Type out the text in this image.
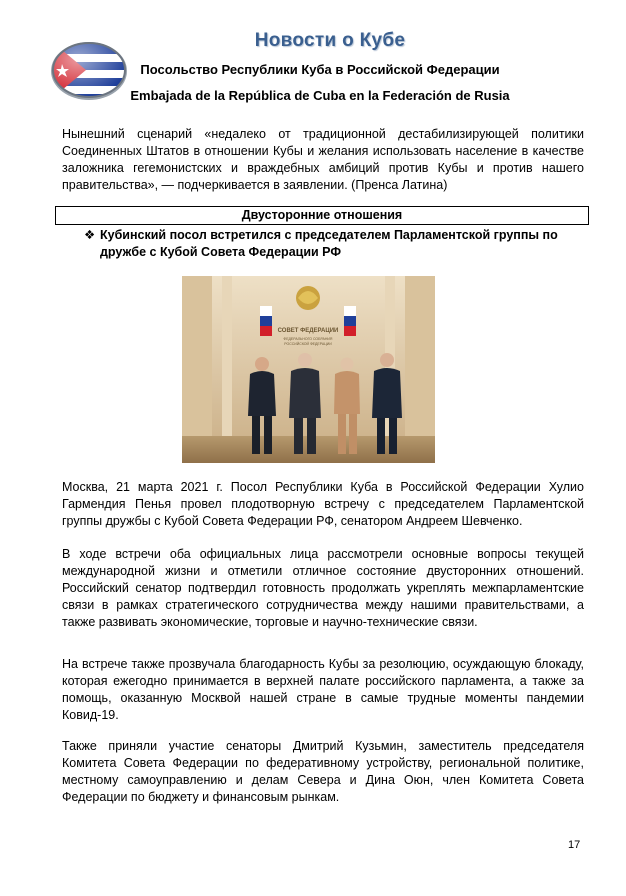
Новости о Кубе
Посольство Республики Куба в Российской Федерации
Embajada de la República de Cuba en la Federación de Rusia

Нынешний сценарий «недалеко от традиционной дестабилизирующей политики Соединенных Штатов в отношении Кубы и желания использовать население в качестве заложника гегемонистских и враждебных амбиций против Кубы и против нашего правительства», — подчеркивается в заявлении. (Пренса Латина)

Двусторонние отношения
❖ Кубинский посол встретился с председателем Парламентской группы по дружбе с Кубой Совета Федерации РФ
СОВЕТ ФЕДЕРАЦИИ
ФЕДЕРАЛЬНОГО СОБРАНИЯ
РОССИЙСКОЙ ФЕДЕРАЦИИ

Москва, 21 марта 2021 г. Посол Республики Куба в Российской Федерации Хулио Гармендия Пенья провел плодотворную встречу с председателем Парламентской группы дружбы с Кубой Совета Федерации РФ, сенатором Андреем Шевченко.

В ходе встречи оба официальных лица рассмотрели основные вопросы текущей международной жизни и отметили отличное состояние двусторонних отношений. Российский сенатор подтвердил готовность продолжать укреплять межпарламентские связи в рамках стратегического сотрудничества между нашими правительствами, а также развивать экономические, торговые и научно-технические связи.

На встрече также прозвучала благодарность Кубы за резолюцию, осуждающую блокаду, которая ежегодно принимается в верхней палате российского парламента, а также за помощь, оказанную Москвой нашей стране в самые трудные моменты пандемии Ковид-19.

Также приняли участие сенаторы Дмитрий Кузьмин, заместитель председателя Комитета Совета Федерации по федеративному устройству, региональной политике, местному самоуправлению и делам Севера и Дина Оюн, член Комитета Совета Федерации по бюджету и финансовым рынкам.

17
